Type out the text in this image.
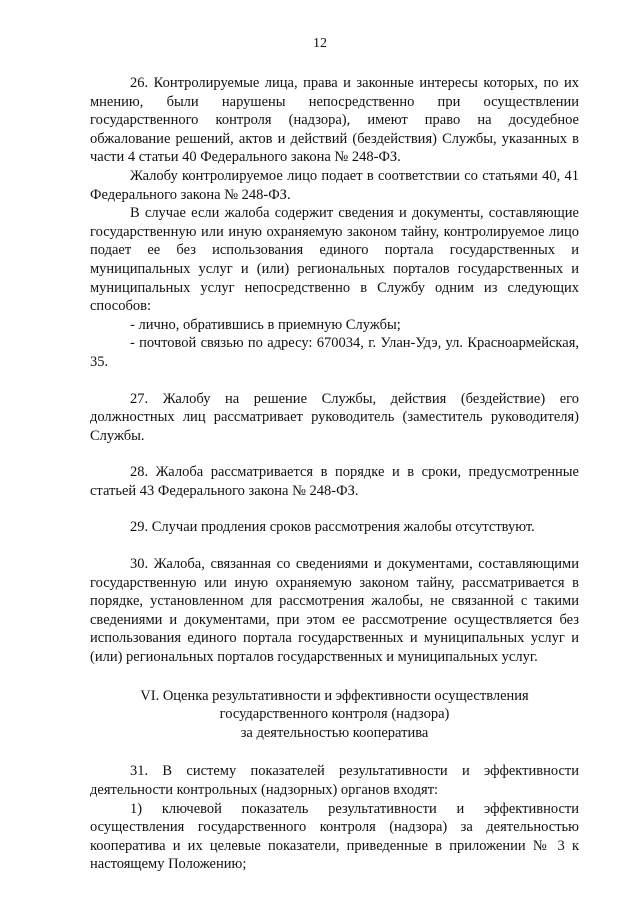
12

26. Контролируемые лица, права и законные интересы которых, по их мнению, были нарушены непосредственно при осуществлении государственного контроля (надзора), имеют право на досудебное обжалование решений, актов и действий (бездействия) Службы, указанных в части 4 статьи 40 Федерального закона № 248-ФЗ.

Жалобу контролируемое лицо подает в соответствии со статьями 40, 41 Федерального закона № 248-ФЗ.

В случае если жалоба содержит сведения и документы, составляющие государственную или иную охраняемую законом тайну, контролируемое лицо подает ее без использования единого портала государственных и муниципальных услуг и (или) региональных порталов государственных и муниципальных услуг непосредственно в Службу одним из следующих способов:

- лично, обратившись в приемную Службы;

- почтовой связью по адресу: 670034, г. Улан-Удэ, ул. Красноармейская, 35.

27. Жалобу на решение Службы, действия (бездействие) его должностных лиц рассматривает руководитель (заместитель руководителя) Службы.

28. Жалоба рассматривается в порядке и в сроки, предусмотренные статьей 43 Федерального закона № 248-ФЗ.

29. Случаи продления сроков рассмотрения жалобы отсутствуют.

30. Жалоба, связанная со сведениями и документами, составляющими государственную или иную охраняемую законом тайну, рассматривается в порядке, установленном для рассмотрения жалобы, не связанной с такими сведениями и документами, при этом ее рассмотрение осуществляется без использования единого портала государственных и муниципальных услуг и (или) региональных порталов государственных и муниципальных услуг.

VI. Оценка результативности и эффективности осуществления
государственного контроля (надзора)
за деятельностью кооператива

31. В систему показателей результативности и эффективности деятельности контрольных (надзорных) органов входят:

1) ключевой показатель результативности и эффективности осуществления государственного контроля (надзора) за деятельностью кооператива и их целевые показатели, приведенные в приложении № 3 к настоящему Положению;
